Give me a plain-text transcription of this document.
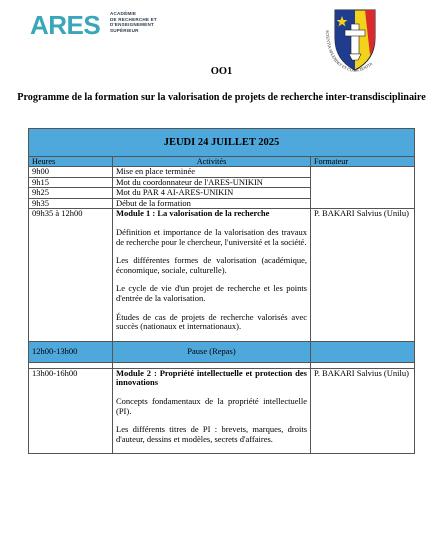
ARES ACADÉMIE
DE RECHERCHE ET
D'ENSEIGNEMENT
SUPÉRIEUR	SCIENTIA SPLENDET ET CONSCIENTIA
OO1
Programme de la formation sur la valorisation de projets de recherche inter-transdisciplinaire
JEUDI 24 JUILLET 2025		
Heures	Activités	Formateur
9h00	Mise en place terminée	
9h15	Mot du coordonnateur de l'ARES-UNIKIN	
9h25	Mot du PAR 4 AI-ARES-UNIKIN	
9h35	Début de la formation	
09h35 à 12h00	Module 1 : La valorisation de la recherche

Définition et importance de la valorisation des travaux de recherche pour le chercheur, l'université et la société.

Les différentes formes de valorisation (académique, économique, sociale, culturelle).

Le cycle de vie d'un projet de recherche et les points d'entrée de la valorisation.

Études de cas de projets de recherche valorisés avec succès (nationaux et internationaux).	P. BAKARI Salvius (Unilu)
12h00-13h00	Pause (Repas)	

13h00-16h00	Module 2 : Propriété intellectuelle et protection des innovations

Concepts fondamentaux de la propriété intellectuelle (PI).

Les différents titres de PI : brevets, marques, droits d'auteur, dessins et modèles, secrets d'affaires.	P. BAKARI Salvius (Unilu)
